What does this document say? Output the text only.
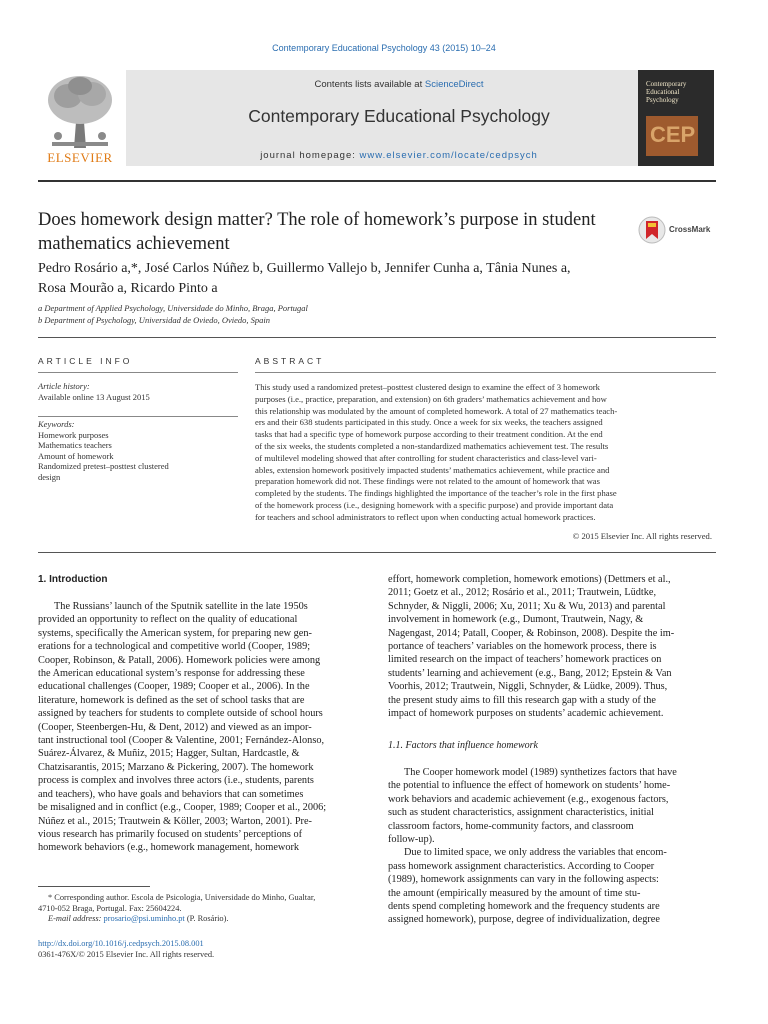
Contemporary Educational Psychology 43 (2015) 10–24
ELSEVIER
Contents lists available at ScienceDirect
Contemporary Educational Psychology
journal homepage: www.elsevier.com/locate/cedpsych
Contemporary Educational Psychology
CEP
Does homework design matter? The role of homework’s purpose in student mathematics achievement
CrossMark
Pedro Rosário a,*, José Carlos Núñez b, Guillermo Vallejo b, Jennifer Cunha a, Tânia Nunes a,
Rosa Mourão a, Ricardo Pinto a
a Department of Applied Psychology, Universidade do Minho, Braga, Portugal
b Department of Psychology, Universidad de Oviedo, Oviedo, Spain
ARTICLE INFO
Article history:
Available online 13 August 2015
Keywords:
Homework purposes
Mathematics teachers
Amount of homework
Randomized pretest–posttest clustered
design
ABSTRACT
This study used a randomized pretest–posttest clustered design to examine the effect of 3 homework
purposes (i.e., practice, preparation, and extension) on 6th graders’ mathematics achievement and how
this relationship was modulated by the amount of completed homework. A total of 27 mathematics teach-
ers and their 638 students participated in this study. Once a week for six weeks, the teachers assigned
tasks that had a specific type of homework purpose according to their treatment condition. At the end
of the six weeks, the students completed a non-standardized mathematics achievement test. The results
of multilevel modeling showed that after controlling for student characteristics and class-level vari-
ables, extension homework positively impacted students’ mathematics achievement, while practice and
preparation homework did not. These findings were not related to the amount of homework that was
completed by the students. The findings highlighted the importance of the teacher’s role in the first phase
of the homework process (i.e., designing homework with a specific purpose) and provide important data
for teachers and school administrators to reflect upon when conducting actual homework practices.
© 2015 Elsevier Inc. All rights reserved.
1. Introduction

The Russians’ launch of the Sputnik satellite in the late 1950s

provided an opportunity to reflect on the quality of educational

systems, specifically the American system, for preparing new gen-

erations for a technological and competitive world (Cooper, 1989;

Cooper, Robinson, & Patall, 2006). Homework policies were among

the American educational system’s response for addressing these

educational challenges (Cooper, 1989; Cooper et al., 2006). In the

literature, homework is defined as the set of school tasks that are

assigned by teachers for students to complete outside of school hours

(Cooper, Steenbergen-Hu, & Dent, 2012) and viewed as an impor-

tant instructional tool (Cooper & Valentine, 2001; Fernández-Alonso,

Suárez-Álvarez, & Muñiz, 2015; Hagger, Sultan, Hardcastle, &

Chatzisarantis, 2015; Marzano & Pickering, 2007). The homework

process is complex and involves three actors (i.e., students, parents

and teachers), who have goals and behaviors that can sometimes

be misaligned and in conflict (e.g., Cooper, 1989; Cooper et al., 2006;

Núñez et al., 2015; Trautwein & Köller, 2003; Warton, 2001). Pre-

vious research has primarily focused on students’ perceptions of

homework behaviors (e.g., homework management, homework

effort, homework completion, homework emotions) (Dettmers et al.,

2011; Goetz et al., 2012; Rosário et al., 2011; Trautwein, Lüdtke,

Schnyder, & Niggli, 2006; Xu, 2011; Xu & Wu, 2013) and parental

involvement in homework (e.g., Dumont, Trautwein, Nagy, &

Nagengast, 2014; Patall, Cooper, & Robinson, 2008). Despite the im-

portance of teachers’ variables on the homework process, there is

limited research on the impact of teachers’ homework practices on

students’ learning and achievement (e.g., Bang, 2012; Epstein & Van

Voorhis, 2012; Trautwein, Niggli, Schnyder, & Lüdke, 2009). Thus,

the present study aims to fill this research gap with a study of the

impact of homework purposes on students’ academic achievement.

1.1. Factors that influence homework

The Cooper homework model (1989) synthetizes factors that have

the potential to influence the effect of homework on students’ home-

work behaviors and academic achievement (e.g., exogenous factors,

such as student characteristics, assignment characteristics, initial

classroom factors, home-community factors, and classroom

follow-up).

Due to limited space, we only address the variables that encom-

pass homework assignment characteristics. According to Cooper

(1989), homework assignments can vary in the following aspects:

the amount (empirically measured by the amount of time stu-

dents spend completing homework and the frequency students are

assigned homework), purpose, degree of individualization, degree

* Corresponding author. Escola de Psicologia, Universidade do Minho, Gualtar,
4710-052 Braga, Portugal. Fax: 25604224.
E-mail address: prosario@psi.uminho.pt (P. Rosário).
http://dx.doi.org/10.1016/j.cedpsych.2015.08.001
0361-476X/© 2015 Elsevier Inc. All rights reserved.
